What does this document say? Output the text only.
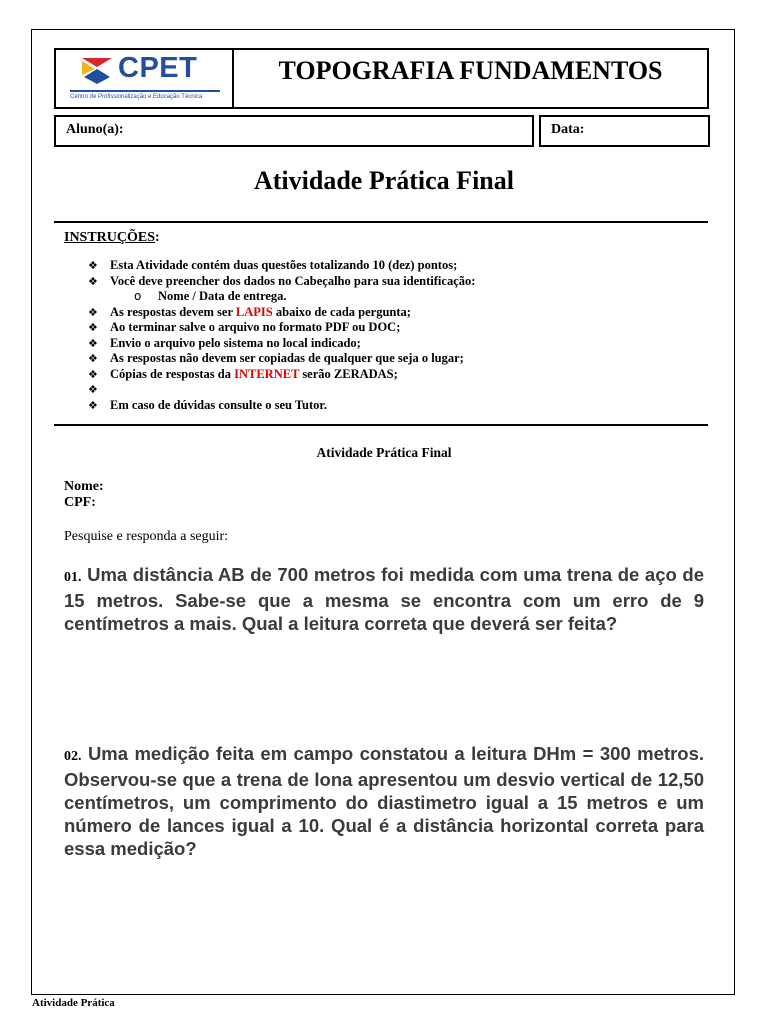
CPET
Centro de Profissionalização e Educação Técnica
TOPOGRAFIA FUNDAMENTOS
Aluno(a):	Data:
Atividade Prática Final
INSTRUÇÕES:
❖ Esta Atividade contém duas questões totalizando 10 (dez) pontos;
❖ Você deve preencher dos dados no Cabeçalho para sua identificação:
o	Nome / Data de entrega.
❖ As respostas devem ser LAPIS abaixo de cada pergunta;
❖ Ao terminar salve o arquivo no formato PDF ou DOC;
❖ Envio o arquivo pelo sistema no local indicado;
❖ As respostas não devem ser copiadas de qualquer que seja o lugar;
❖ Cópias de respostas da INTERNET serão ZERADAS;
❖
❖ Em caso de dúvidas consulte o seu Tutor.
Atividade Prática Final
Nome:
CPF:
Pesquise e responda a seguir:
01. Uma distância AB de 700 metros foi medida com uma trena de aço de 15 metros. Sabe-se que a mesma se encontra com um erro de 9 centímetros a mais. Qual a leitura correta que deverá ser feita?
02. Uma medição feita em campo constatou a leitura DHm = 300 metros. Observou-se que a trena de lona apresentou um desvio vertical de 12,50 centímetros, um comprimento do diastimetro igual a 15 metros e um número de lances igual a 10. Qual é a distância horizontal correta para essa medição?
Atividade Prática
